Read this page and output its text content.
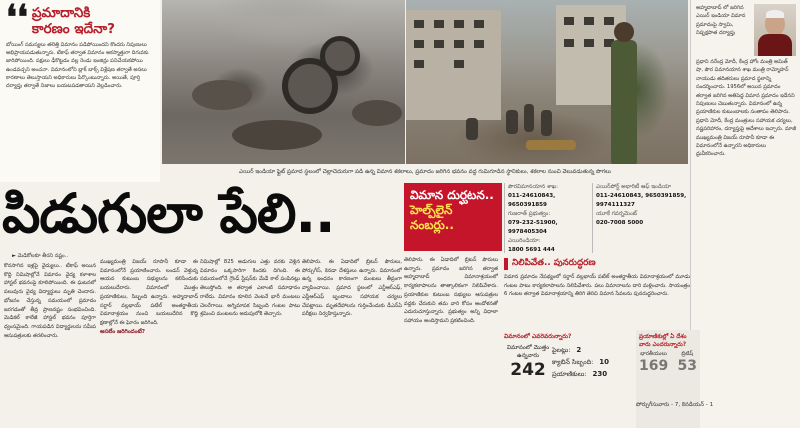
❛❛ ప్రమాదానికి
కారణం ఇదేనా?
బోయింగ్ సమస్యలు తలెత్తి విమానం పడిపోయిందని కొందరు నిపుణులు అభిప్రాయపడుతున్నారు. టేకాఫ్ తర్వాత విమానం అకస్మాత్తుగా దిగువకు జారిపోయింది. పక్షులు ఢీకొట్టడం వల్ల రెండు ఇంజిన్లు పనిచేయకపోయి ఉండవచ్చని అంచనా. విమానంలోని బ్లాక్ బాక్స్ విశ్లేషణ తర్వాతే అసలు కారణాలు తెలుస్తాయని అధికారులు పేర్కొంటున్నారు. అయితే, పూర్తి దర్యాప్తు తర్వాతే నిజాలు బయటపడతాయని వెల్లడించారు.
ఎయిర్ ఇండియా ఫ్లైట్ ప్రమాద స్థలంలో చెల్లాచెదురుగా పడి ఉన్న విమాన శకలాలు, ప్రమాదం జరిగిన భవనం వద్ద గుమిగూడిన స్థానికులు, శకలాల నుంచి వెలువడుతున్న పొగలు
అహ్మదాబాద్ లో జరిగిన ఎయిర్ ఇండియా విమాన ప్రమాదంపై స్వామి, నిష్పక్షపాత దర్యాప్తు
ప్రధాని నరేంద్ర మోదీ, కేంద్ర హోం మంత్రి అమిత్ షా, పౌర విమానయాన శాఖ మంత్రి రామ్మోహన్ నాయుడు తదితరులు ప్రమాద స్థలాన్ని సందర్శించారు. 1956లో అయిన ప్రమాదం తర్వాత జరిగిన అతిపెద్ద విమాన ప్రమాదం ఇదేనని నిపుణులు చెబుతున్నారు. విమానంలో ఉన్న ప్రయాణికుల కుటుంబాలకు సంతాపం తెలిపారు. ప్రధాని మోదీ, కేంద్ర మంత్రులు సహాయక చర్యలు, నష్టపరిహారం, దర్యాప్తుపై ఆదేశాలు ఇచ్చారు. మాజీ ముఖ్యమంత్రి విజయ్ రూపానీ కూడా ఈ విమానంలోనే ఉన్నారని అధికారులు ధ్రువీకరించారు.
పిడుగులా పేలి..
► మెడికోలకూ తీరని నష్టం..
విమాన దుర్ఘటన..
హెల్ప్‌లైన్ నంబర్లు..
పౌరవిమానయాన శాఖ:
011-24610843, 9650391859
గుజరాత్ ప్రభుత్వం:
079-232-51900, 9978405304
ఎయిరిండియా:
1800 5691 444
ఎయిర్‌పోర్ట్ అథారిటీ ఆఫ్ ఇండియా
011-24610843, 9650391859, 9974111327
యూకే గవర్నమెంట్
020-7008 5000
కొనసాగిన ఇళ్లపై వైద్యులు.. టేకాఫ్ అయిన కొద్ది నిమిషాల్లోనే విమానం వైద్య కళాశాల హాస్టల్ భవనంపై కూలిపోయింది. ఈ ఘటనలో పలువురు వైద్య విద్యార్థులు మృతి చెందారు. భోజనం చేస్తున్న సమయంలో ప్రమాదం జరగడంతో తీవ్ర ప్రాణనష్టం సంభవించింది. మెడికల్ కాలేజీ హాస్టల్ భవనం పూర్తిగా ధ్వంసమైంది. గాయపడిన విద్యార్థులను సమీప ఆసుపత్రులకు తరలించారు.
ముఖ్యమంత్రి విజయ్ రూపానీ కూడా ఈ విమానంలోనే ప్రయాణించారు. లండన్ వెళ్తున్న ఆయన కుటుంబ సభ్యులను కలిసేందుకు బయలుదేరారు. విమానంలో మొత్తం ప్రయాణికులు, సిబ్బంది ఉన్నారు. అహ్మదాబాద్ సర్దార్ వల్లభాయ్ పటేల్ అంతర్జాతీయ విమానాశ్రయం నుంచి బయలుదేరిన కొద్ది క్షణాల్లోనే ఈ ఘోరం జరిగింది.
అసలేం జరిగిందంటే?
నిమిషాల్లో 825 అడుగుల ఎత్తు వరకు వెళ్లిన విమానం ఒక్కసారిగా కిందకు దిగింది. ఈ సమయంలోనే గ్రౌండ్ స్టేషన్‌కు మేడే కాల్ పంపినట్లు తెలుస్తోంది. ఆ తర్వాత ఎలాంటి సమాధానం రాలేదు. విమానం కూలిన వెంటనే భారీ మంటలు చెలరేగాయి. అగ్నిమాపక సిబ్బంది గంటల పాటు శ్రమించి మంటలను అదుపులోకి తెచ్చారు.
తెలిపారు. ఈ ఏడాదిలో బ్రిటన్ పౌరులు, పోర్చుగీస్, కెనడా దేశస్తులు ఉన్నారు. విమానంలో ఉన్న ఇంధనం కారణంగా మంటలు తీవ్రంగా వ్యాపించాయి. ప్రమాద స్థలంలో ఎన్డీఆర్ఎఫ్, ఎస్డీఆర్ఎఫ్ బృందాలు సహాయక చర్యలు చేపట్టాయి. మృతదేహాలను గుర్తించేందుకు డీఎన్ఏ పరీక్షలు నిర్వహిస్తున్నారు.
తెలిపారు. ఈ ఏడాదిలో బ్రిటన్ పౌరులు ఉన్నారు. ప్రమాదం జరిగిన తర్వాత అహ్మదాబాద్ విమానాశ్రయంలో కార్యకలాపాలను తాత్కాలికంగా నిలిపివేశారు. ప్రయాణికుల కుటుంబ సభ్యులు ఆసుపత్రుల వద్దకు చేరుకుని తమ వారి కోసం ఆందోళనతో ఎదురుచూస్తున్నారు. ప్రభుత్వం అన్ని విధాలా సహాయం అందిస్తామని ప్రకటించింది.
నిలిపివేత.. పునరుద్ధరణ
విమాన ప్రమాదం నేపథ్యంలో సర్దార్ వల్లభాయ్ పటేల్ అంతర్జాతీయ విమానాశ్రయంలో మూడు గంటల పాటు కార్యకలాపాలను నిలిపివేశారు. పలు విమానాలను దారి మళ్లించారు. సాయంత్రం 6 గంటల తర్వాత విమానాశ్రయాన్ని తిరిగి తెరిచి విమాన సేవలను పునరుద్ధరించారు.
విమానంలో ఎవరెవరున్నారు?
విమానంలో మొత్తం ఉన్నవారు
242
పైలట్లు: 2
క్యాబిన్ సిబ్బంది: 10
ప్రయాణికులు: 230
ప్రయాణికుల్లో ఏ దేశం వారు ఎందరున్నారు?
భారతీయులు
169
బ్రిటిష్
53
పోర్చుగీసువారు - 7, కెనడియన్ - 1
